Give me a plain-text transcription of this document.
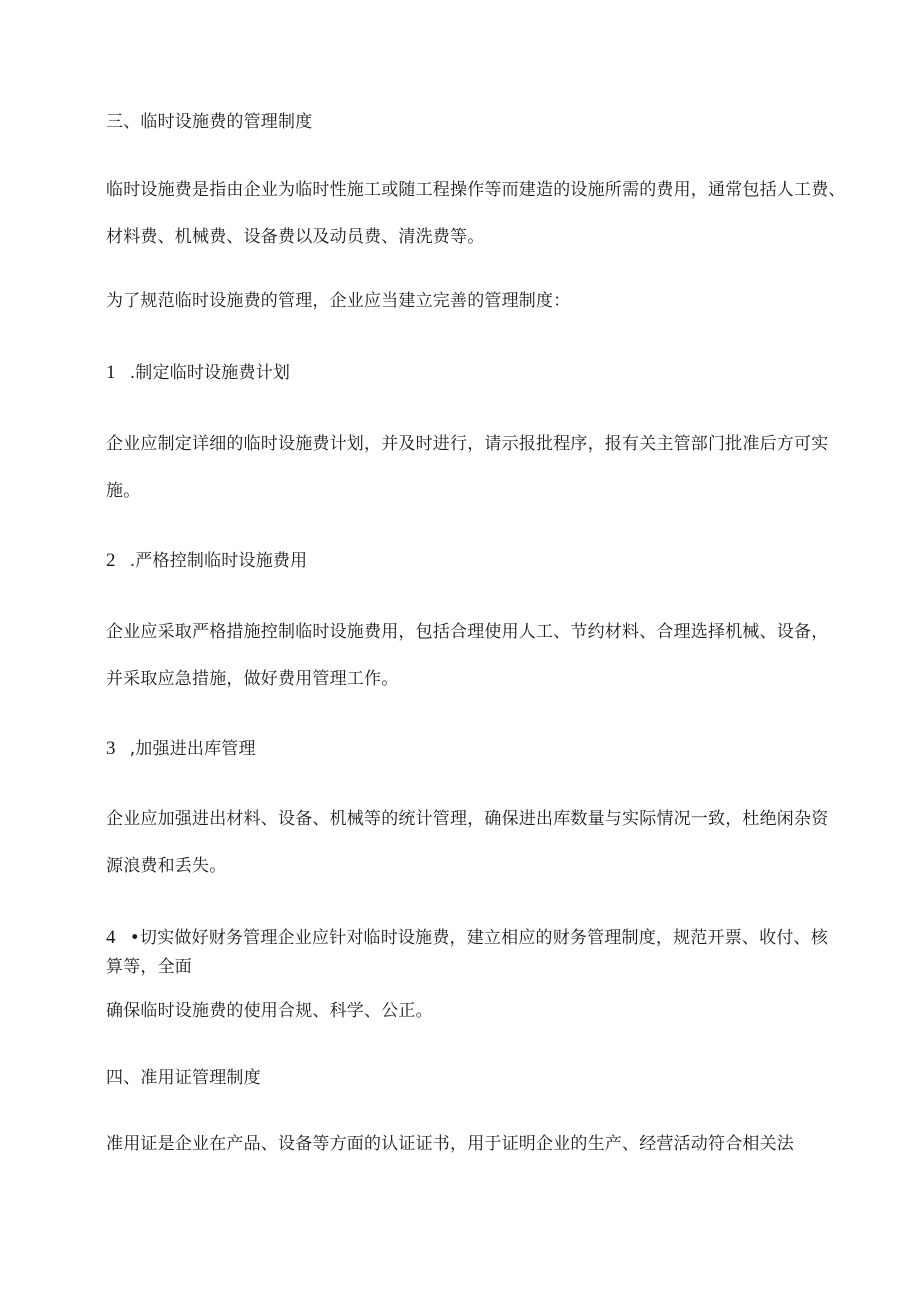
三、临时设施费的管理制度

临时设施费是指由企业为临时性施工或随工程操作等而建造的设施所需的费用，通常包括人工费、

材料费、机械费、设备费以及动员费、清洗费等。

为了规范临时设施费的管理，企业应当建立完善的管理制度：

1 .制定临时设施费计划

企业应制定详细的临时设施费计划，并及时进行，请示报批程序，报有关主管部门批准后方可实

施。

2 .严格控制临时设施费用

企业应采取严格措施控制临时设施费用，包括合理使用人工、节约材料、合理选择机械、设备，

并采取应急措施，做好费用管理工作。

3 ,加强进出库管理

企业应加强进出材料、设备、机械等的统计管理，确保进出库数量与实际情况一致，杜绝闲杂资

源浪费和丢失。

4 •切实做好财务管理企业应针对临时设施费，建立相应的财务管理制度，规范开票、收付、核

算等，全面

确保临时设施费的使用合规、科学、公正。

四、准用证管理制度

准用证是企业在产品、设备等方面的认证证书，用于证明企业的生产、经营活动符合相关法
